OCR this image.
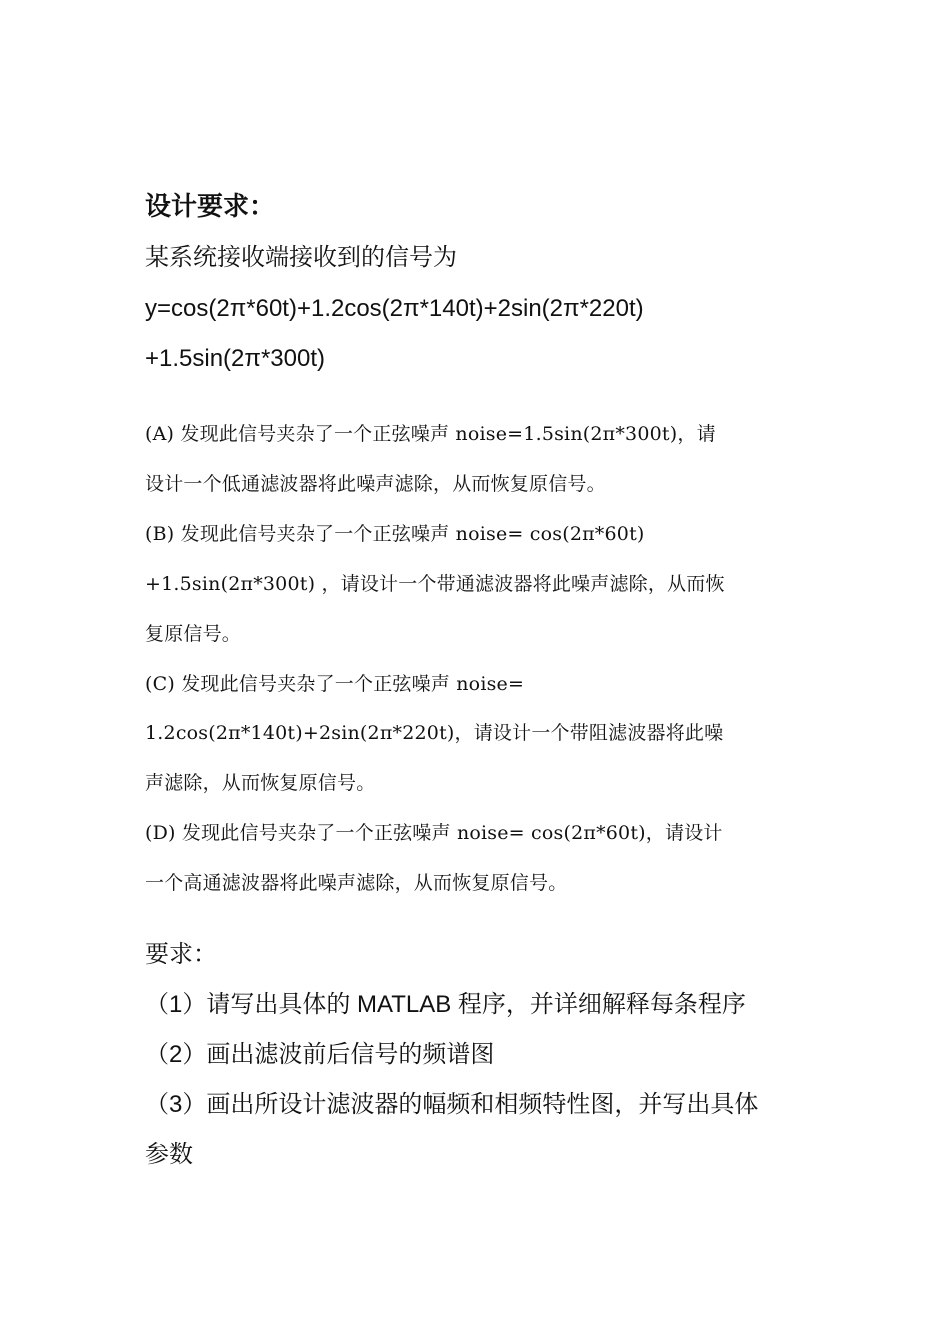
设计要求：
某系统接收端接收到的信号为
y=cos(2π*60t)+1.2cos(2π*140t)+2sin(2π*220t)
+1.5sin(2π*300t)
(A) 发现此信号夹杂了一个正弦噪声 noise=1.5sin(2π*300t)，请
设计一个低通滤波器将此噪声滤除，从而恢复原信号。
(B) 发现此信号夹杂了一个正弦噪声 noise= cos(2π*60t)
+1.5sin(2π*300t) ，请设计一个带通滤波器将此噪声滤除，从而恢
复原信号。
(C) 发现此信号夹杂了一个正弦噪声 noise=
1.2cos(2π*140t)+2sin(2π*220t)，请设计一个带阻滤波器将此噪
声滤除，从而恢复原信号。
(D) 发现此信号夹杂了一个正弦噪声 noise= cos(2π*60t)，请设计
一个高通滤波器将此噪声滤除，从而恢复原信号。
要求：
（1）请写出具体的 MATLAB 程序，并详细解释每条程序
（2）画出滤波前后信号的频谱图
（3）画出所设计滤波器的幅频和相频特性图，并写出具体
参数
